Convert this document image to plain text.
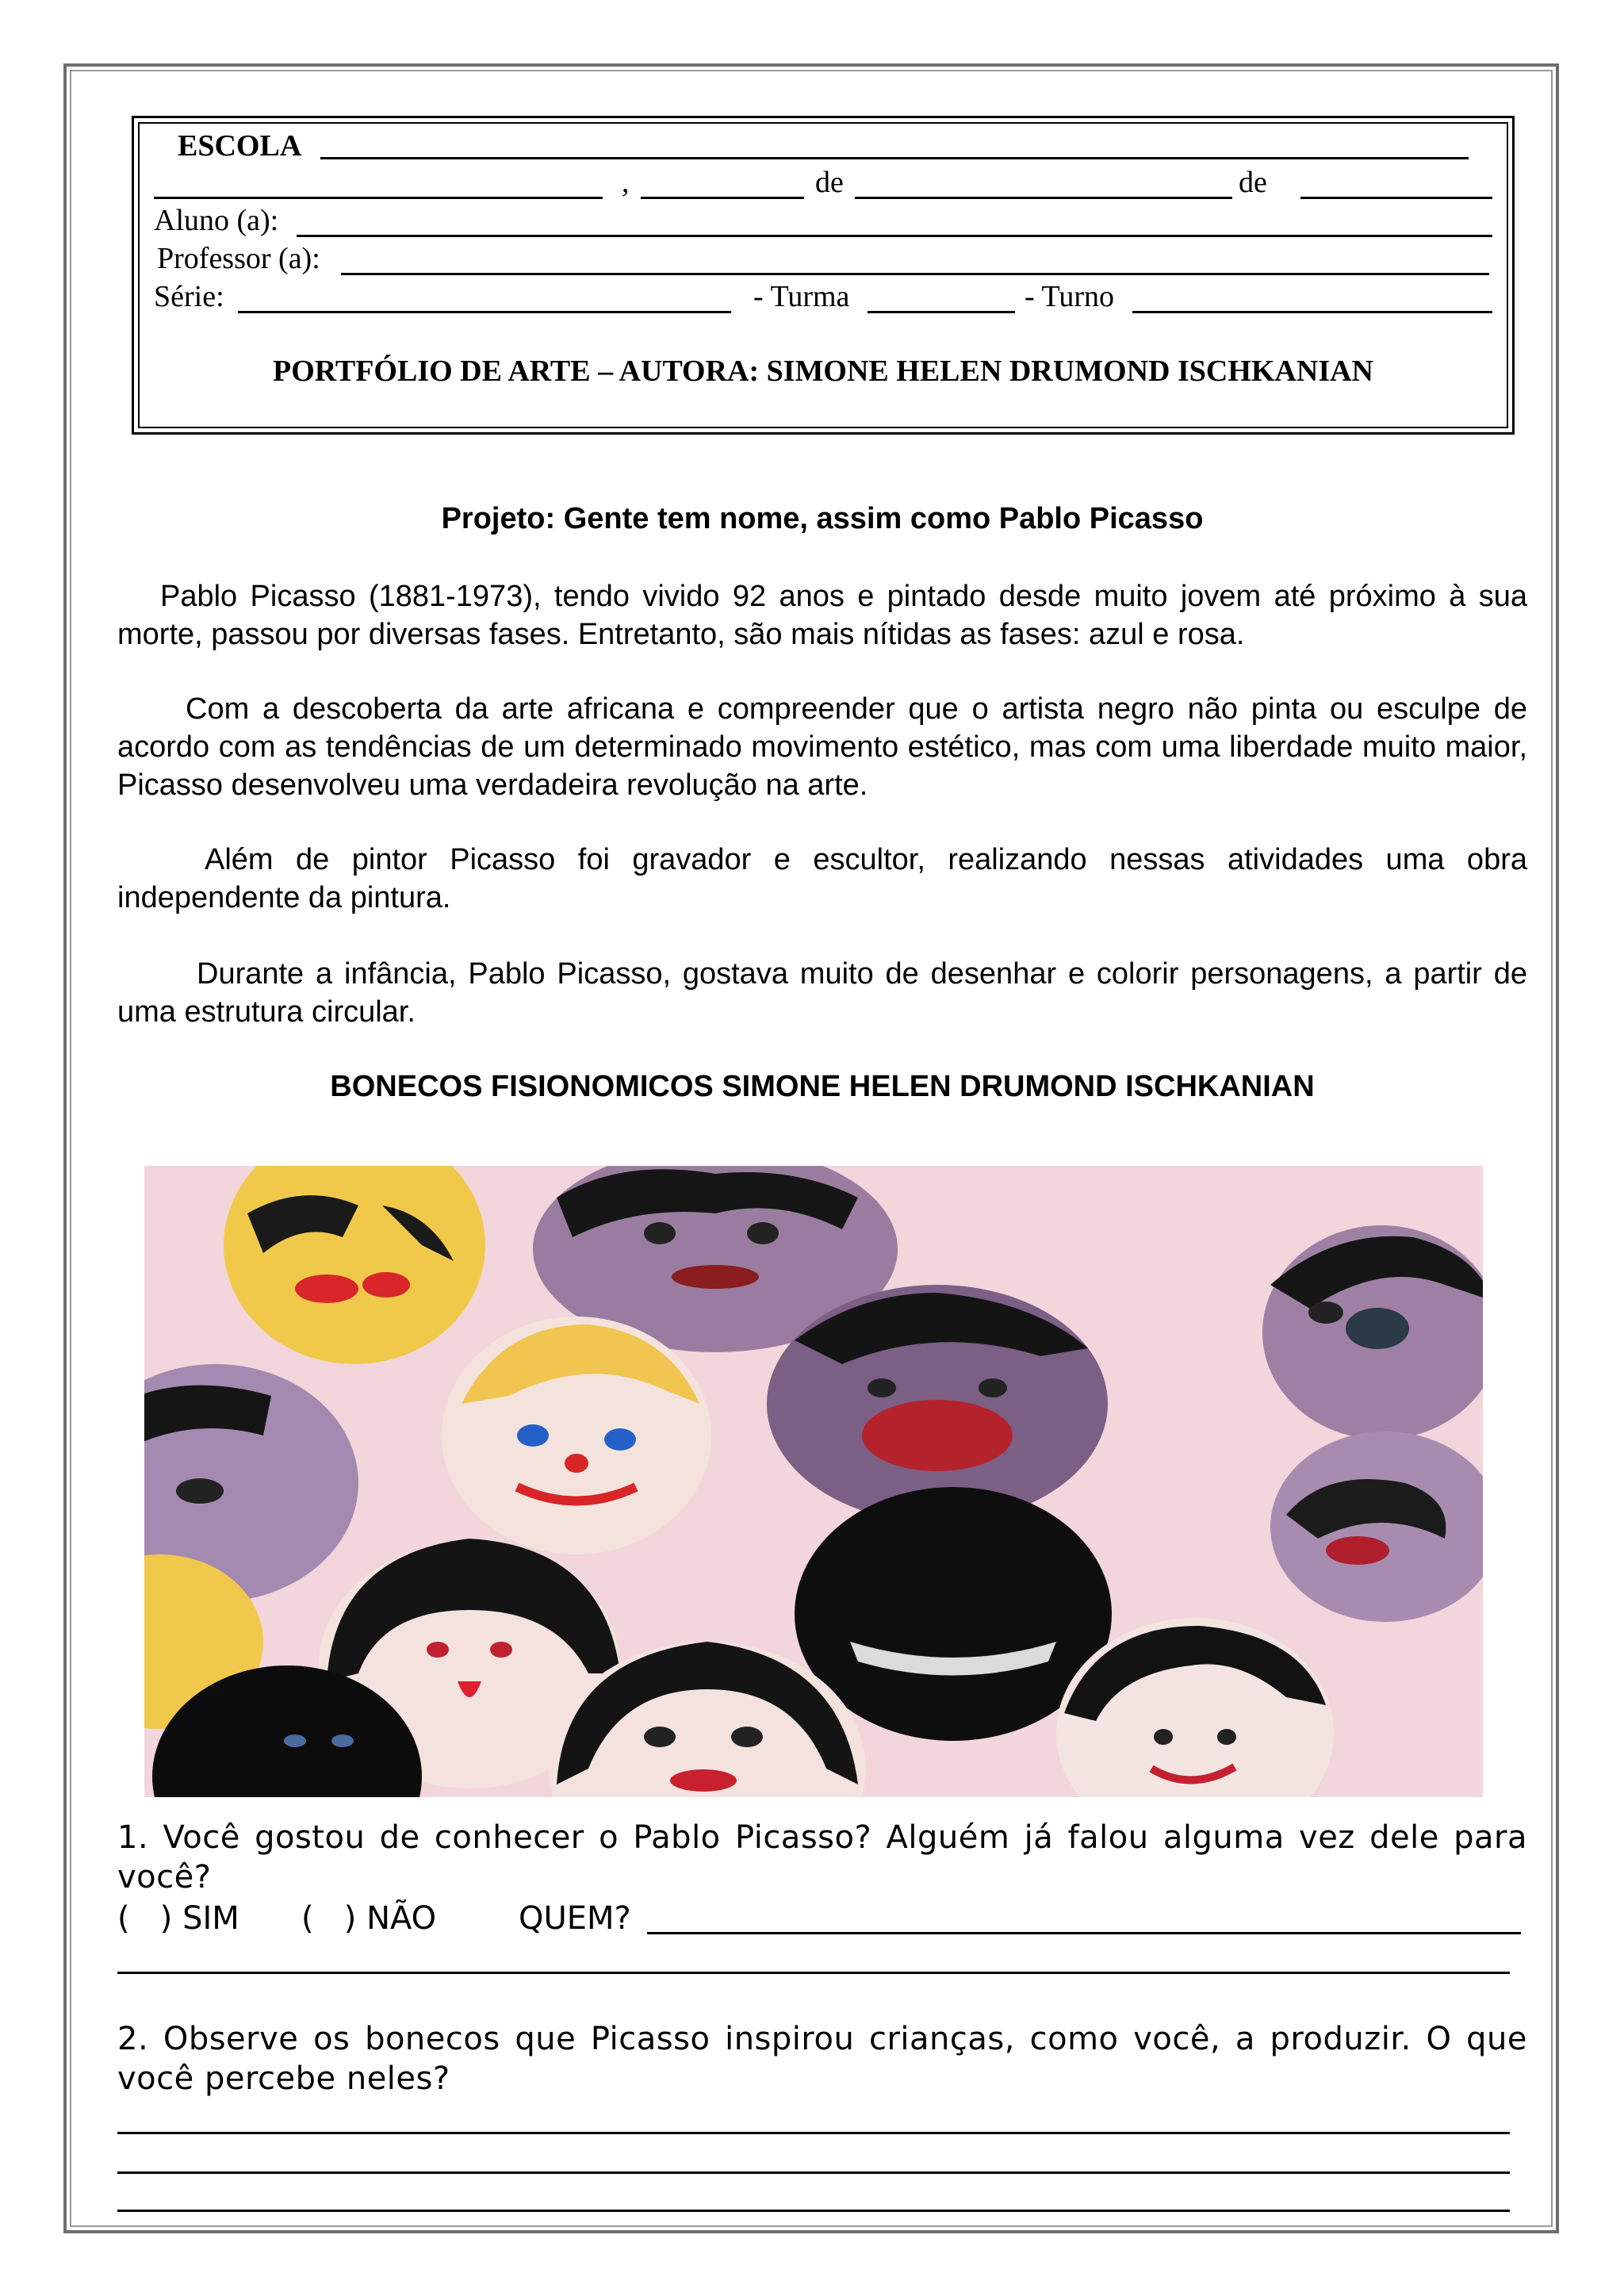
ESCOLA
,	de	de
Aluno (a):
Professor (a):
Série:	- Turma	- Turno
PORTFÓLIO DE ARTE – AUTORA: SIMONE HELEN DRUMOND ISCHKANIAN
Projeto: Gente tem nome, assim como Pablo Picasso
Pablo Picasso (1881-1973), tendo vivido 92 anos e pintado desde muito jovem até próximo à sua morte, passou por diversas fases. Entretanto, são mais nítidas as fases: azul e rosa.
Com a descoberta da arte africana e compreender que o artista negro não pinta ou esculpe de acordo com as tendências de um determinado movimento estético, mas com uma liberdade muito maior, Picasso desenvolveu uma verdadeira revolução na arte.
Além de pintor Picasso foi gravador e escultor, realizando nessas atividades uma obra independente da pintura.
Durante a infância, Pablo Picasso, gostava muito de desenhar e colorir personagens, a partir de uma estrutura circular.
BONECOS FISIONOMICOS SIMONE HELEN DRUMOND ISCHKANIAN
1. Você gostou de conhecer o Pablo Picasso? Alguém já falou alguma vez dele para você?
(   ) SIM (   ) NÃO	QUEM?
2. Observe os bonecos que Picasso inspirou crianças, como você, a produzir. O que você percebe neles?
